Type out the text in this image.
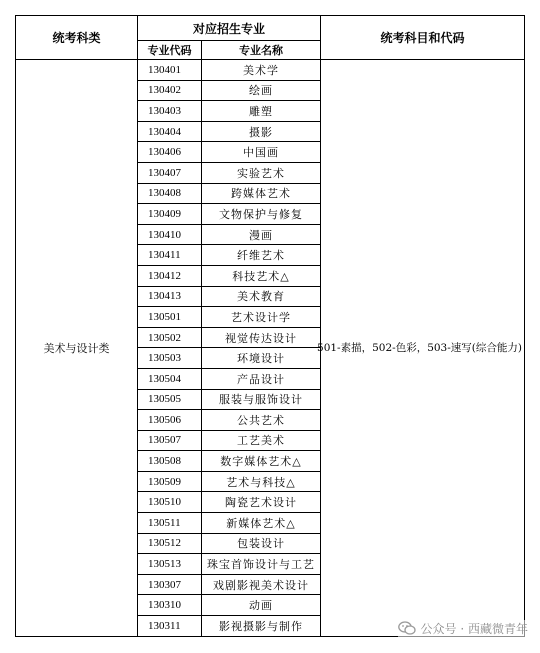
统考科类	对应招生专业		统考科目和代码
	专业代码	专业名称	
美术与设计类	130401	美术学	501-素描，502-色彩，503-速写(综合能力)
	130402	绘画	
	130403	雕塑	
	130404	摄影	
	130406	中国画	
	130407	实验艺术	
	130408	跨媒体艺术	
	130409	文物保护与修复	
	130410	漫画	
	130411	纤维艺术	
	130412	科技艺术△	
	130413	美术教育	
	130501	艺术设计学	
	130502	视觉传达设计	
	130503	环境设计	
	130504	产品设计	
	130505	服装与服饰设计	
	130506	公共艺术	
	130507	工艺美术	
	130508	数字媒体艺术△	
	130509	艺术与科技△	
	130510	陶瓷艺术设计	
	130511	新媒体艺术△	
	130512	包装设计	
	130513	珠宝首饰设计与工艺	
	130307	戏剧影视美术设计	
	130310	动画	
	130311	影视摄影与制作		公众号 · 西藏微青年
